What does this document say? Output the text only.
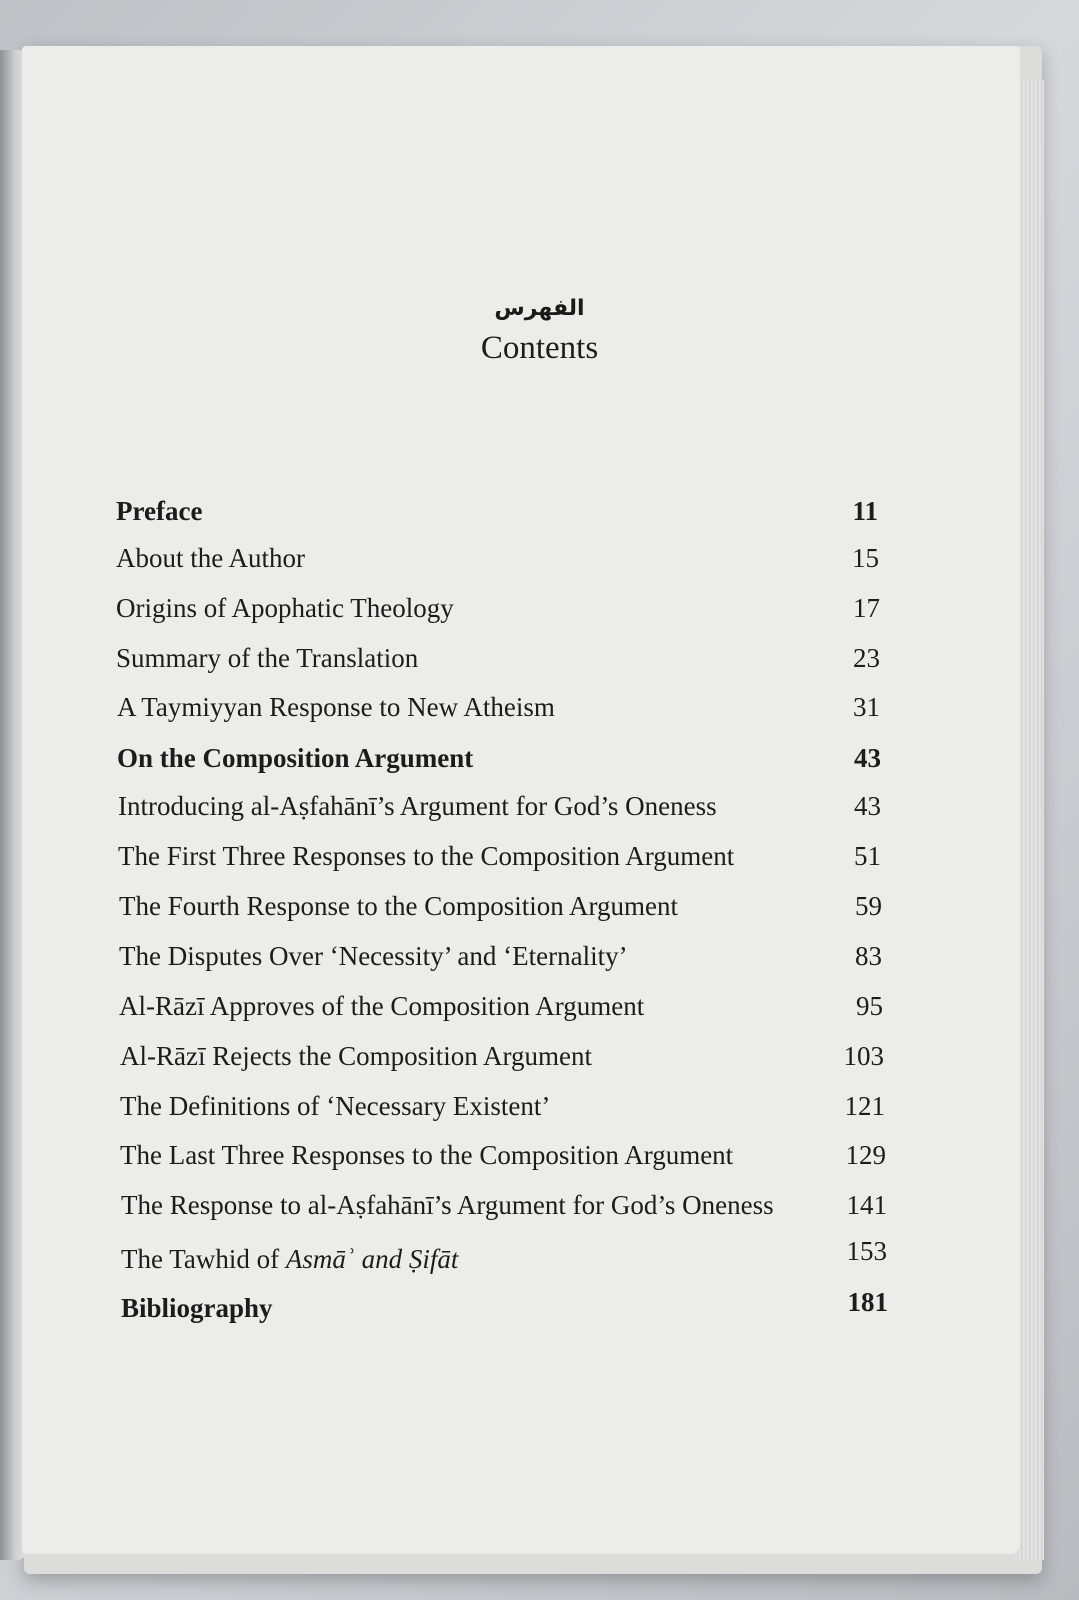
الفهرس
Contents
Preface	11
About the Author	15
Origins of Apophatic Theology	17
Summary of the Translation	23
A Taymiyyan Response to New Atheism	31
On the Composition Argument	43
Introducing al-Aṣfahānī’s Argument for God’s Oneness	43
The First Three Responses to the Composition Argument	51
The Fourth Response to the Composition Argument	59
The Disputes Over ‘Necessity’ and ‘Eternality’	83
Al-Rāzī Approves of the Composition Argument	95
Al-Rāzī Rejects the Composition Argument	103
The Definitions of ‘Necessary Existent’	121
The Last Three Responses to the Composition Argument	129
The Response to al-Aṣfahānī’s Argument for God’s Oneness	141
The Tawhid of Asmāʾ and Ṣifāt	153
Bibliography	181
